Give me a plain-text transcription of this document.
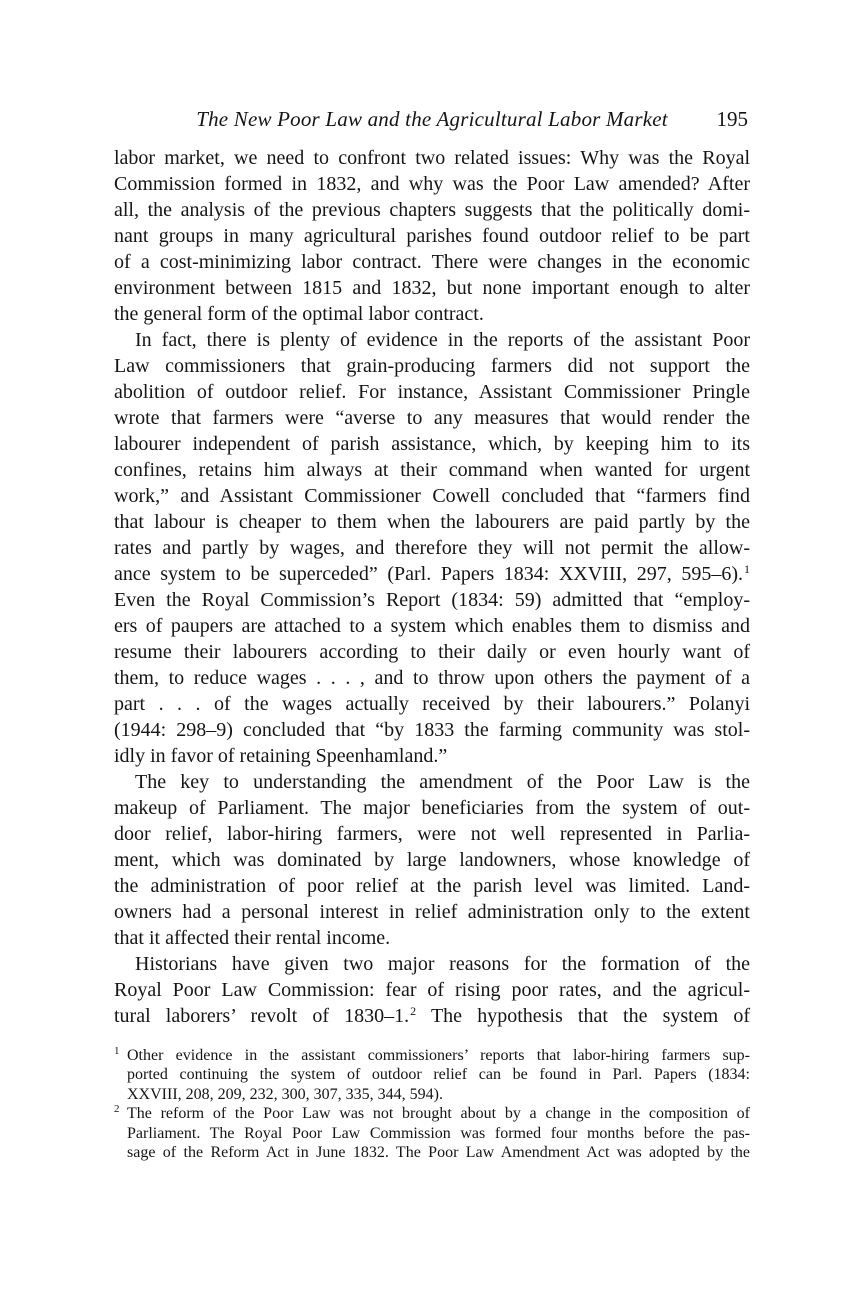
The New Poor Law and the Agricultural Labor Market	195
labor market, we need to confront two related issues: Why was the Royal
Commission formed in 1832, and why was the Poor Law amended? After
all, the analysis of the previous chapters suggests that the politically domi-
nant groups in many agricultural parishes found outdoor relief to be part
of a cost-minimizing labor contract. There were changes in the economic
environment between 1815 and 1832, but none important enough to alter
the general form of the optimal labor contract.
In fact, there is plenty of evidence in the reports of the assistant Poor
Law commissioners that grain-producing farmers did not support the
abolition of outdoor relief. For instance, Assistant Commissioner Pringle
wrote that farmers were “averse to any measures that would render the
labourer independent of parish assistance, which, by keeping him to its
confines, retains him always at their command when wanted for urgent
work,” and Assistant Commissioner Cowell concluded that “farmers find
that labour is cheaper to them when the labourers are paid partly by the
rates and partly by wages, and therefore they will not permit the allow-
ance system to be superceded” (Parl. Papers 1834: XXVIII, 297, 595–6).$^1$
Even the Royal Commission’s Report (1834: 59) admitted that “employ-
ers of paupers are attached to a system which enables them to dismiss and
resume their labourers according to their daily or even hourly want of
them, to reduce wages . . . , and to throw upon others the payment of a
part . . . of the wages actually received by their labourers.” Polanyi
(1944: 298–9) concluded that “by 1833 the farming community was stol-
idly in favor of retaining Speenhamland.”
The key to understanding the amendment of the Poor Law is the
makeup of Parliament. The major beneficiaries from the system of out-
door relief, labor-hiring farmers, were not well represented in Parlia-
ment, which was dominated by large landowners, whose knowledge of
the administration of poor relief at the parish level was limited. Land-
owners had a personal interest in relief administration only to the extent
that it affected their rental income.
Historians have given two major reasons for the formation of the
Royal Poor Law Commission: fear of rising poor rates, and the agricul-
tural laborers’ revolt of 1830–1.$^2$ The hypothesis that the system of
1 Other evidence in the assistant commissioners’ reports that labor-hiring farmers sup-
ported continuing the system of outdoor relief can be found in Parl. Papers (1834:
XXVIII, 208, 209, 232, 300, 307, 335, 344, 594).
2 The reform of the Poor Law was not brought about by a change in the composition of
Parliament. The Royal Poor Law Commission was formed four months before the pas-
sage of the Reform Act in June 1832. The Poor Law Amendment Act was adopted by the
